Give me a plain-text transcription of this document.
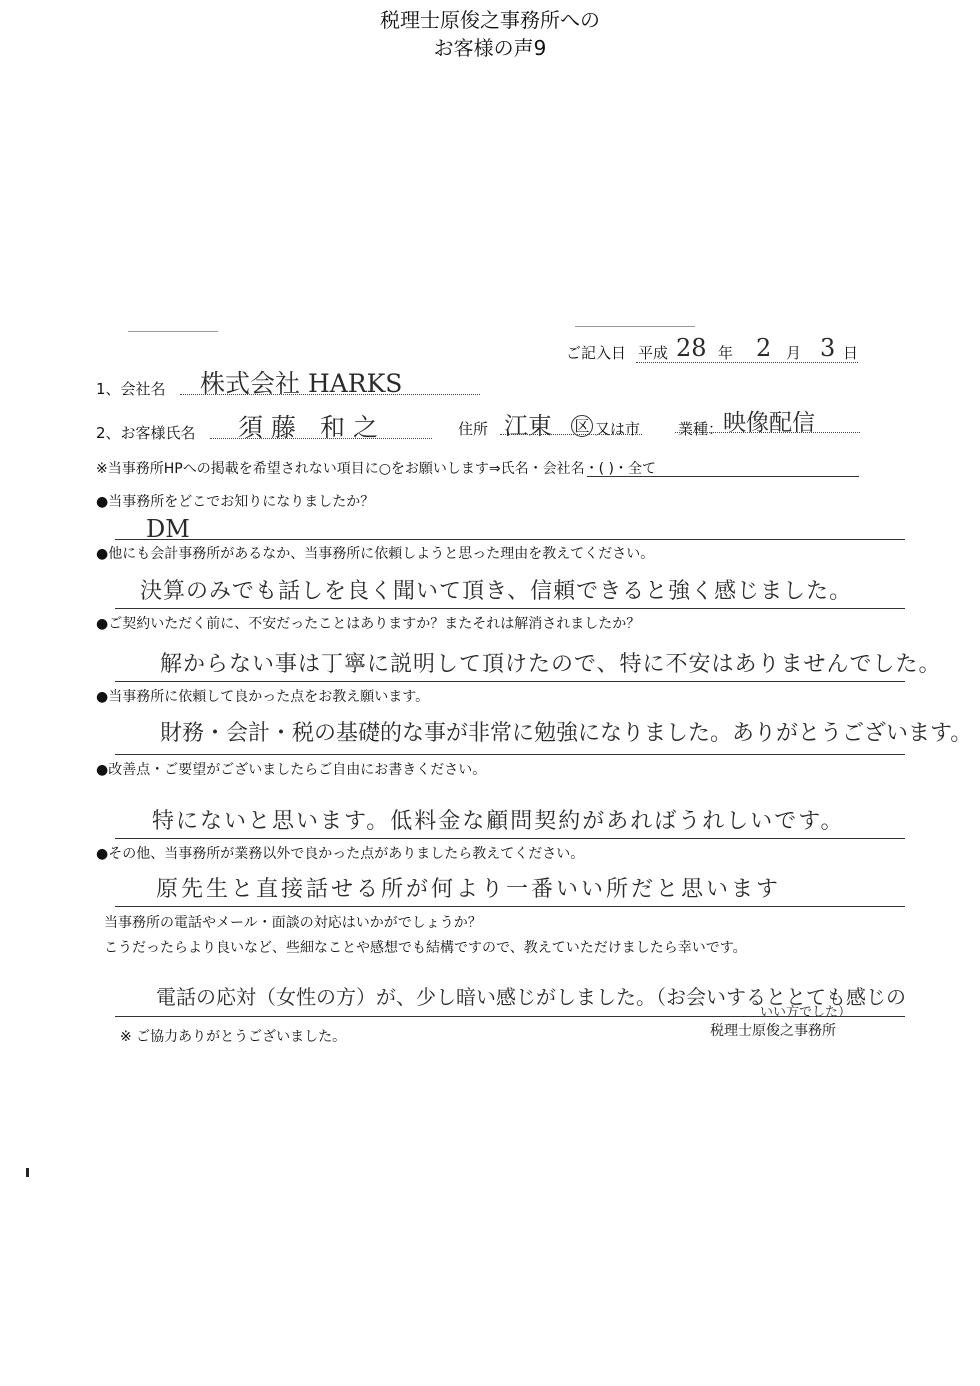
税理士原俊之事務所への
お客様の声9
ご記入日 平成 28 年 2 月 3 日
1、会社名 株式会社 HARKS
2、お客様氏名 須藤 和之	住所 江東 区 又は市	業種： 映像配信
※当事務所HPへの掲載を希望されない項目に○をお願いします⇒氏名・会社名・( )・全て
●当事務所をどこでお知りになりましたか？
DM
●他にも会計事務所があるなか、当事務所に依頼しようと思った理由を教えてください。
決算のみでも話しを良く聞いて頂き、信頼できると強く感じました。
●ご契約いただく前に、不安だったことはありますか？またそれは解消されましたか？
解からない事は丁寧に説明して頂けたので、特に不安はありませんでした。
●当事務所に依頼して良かった点をお教え願います。
財務・会計・税の基礎的な事が非常に勉強になりました。ありがとうございます。
●改善点・ご要望がございましたらご自由にお書きください。
特にないと思います。低料金な顧問契約があればうれしいです。
●その他、当事務所が業務以外で良かった点がありましたら教えてください。
原先生と直接話せる所が何より一番いい所だと思います
当事務所の電話やメール・面談の対応はいかがでしょうか？
こうだったらより良いなど、些細なことや感想でも結構ですので、教えていただけましたら幸いです。
電話の応対（女性の方）が、少し暗い感じがしました。（お会いするととても感じの
いい方でした）
※ ご協力ありがとうございました。	税理士原俊之事務所
